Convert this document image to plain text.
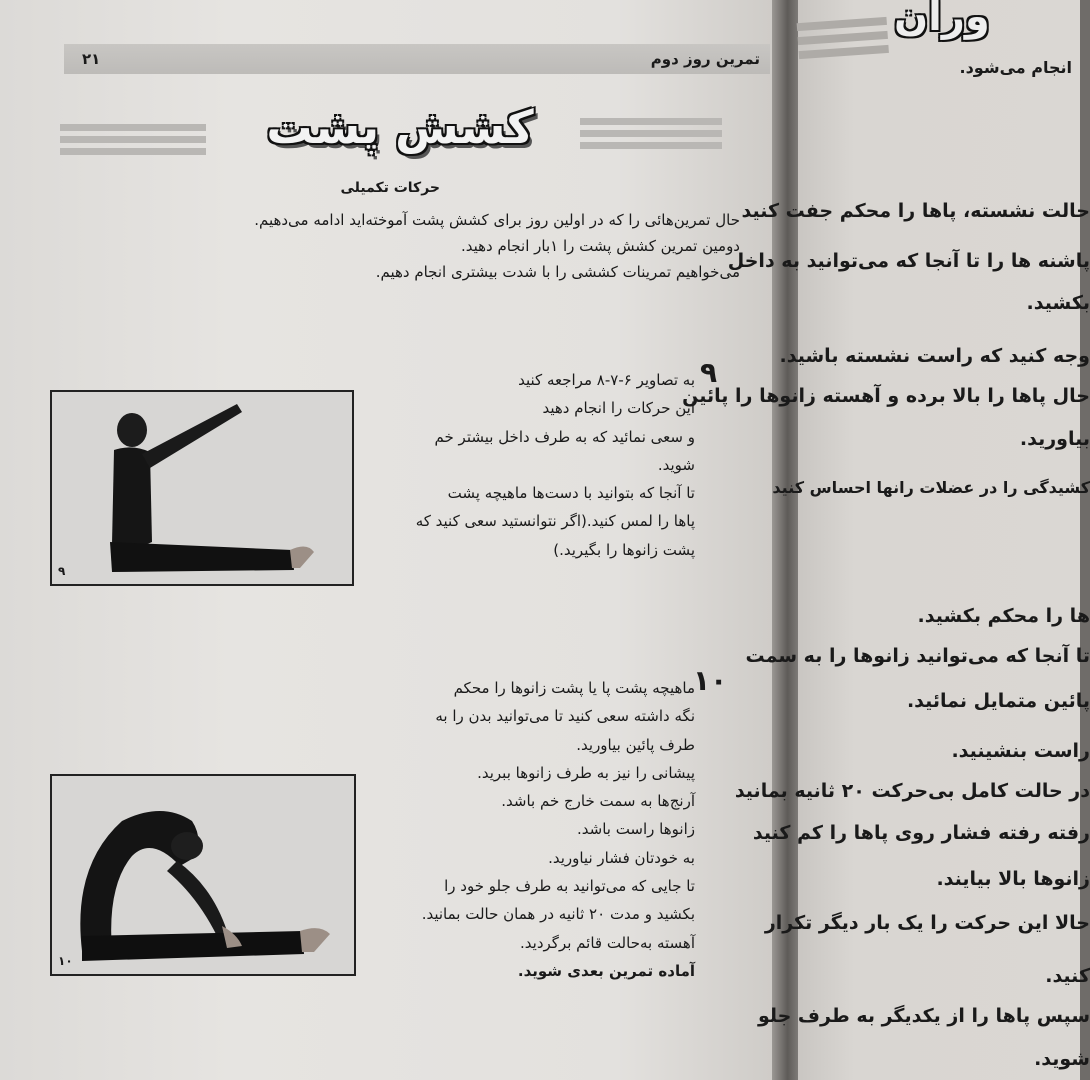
وران
انجام می‌شود.
حالت نشسته، پاها را محکم جفت کنید
پاشنه ها را تا آنجا که می‌توانید به داخل
بکشید.
وجه کنید که راست نشسته باشید.
حال پاها را بالا برده و آهسته زانوها را پائین
بیاورید.
کشیدگی را در عضلات رانها احساس کنید
ها را محکم بکشید.
تا آنجا که می‌توانید زانوها را به سمت
پائین متمایل نمائید.
راست بنشینید.
در حالت کامل بی‌حرکت ۲۰ ثانیه بمانید
رفته رفته فشار روی پاها را کم کنید
زانوها بالا بیایند.
حالا این حرکت را یک بار دیگر تکرار
کنید.
سپس پاها را از یکدیگر به طرف جلو
شوید.
۲۱	تمرین روز دوم
کشش پشت
حرکات تکمیلی

حال تمرین‌هائی را که در اولین روز برای کشش پشت آموخته‌اید ادامه می‌دهیم.

دومین تمرین کشش پشت را ۱بار انجام دهید.

می‌خواهیم تمرینات کششی را با شدت بیشتری انجام دهیم.

۹

به تصاویر ۶-۷-۸ مراجعه کنید

این حرکات را انجام دهید

و سعی نمائید که به طرف داخل بیشتر خم

شوید.

تا آنجا که بتوانید با دست‌ها ماهیچه پشت

پاها را لمس کنید.(اگر نتوانستید سعی کنید که

پشت زانوها را بگیرید.)

۹
۱۰

ماهیچه پشت پا یا پشت زانوها را محکم

نگه داشته سعی کنید تا می‌توانید بدن را به

طرف پائین بیاورید.

پیشانی را نیز به طرف زانوها ببرید.

آرنج‌ها به سمت خارج خم باشد.

زانوها راست باشد.

به خودتان فشار نیاورید.

تا جایی که می‌توانید به طرف جلو خود را

بکشید و مدت ۲۰ ثانیه در همان حالت بمانید.

آهسته به‌حالت قائم برگردید.

آماده تمرین بعدی شوید.

۱۰
